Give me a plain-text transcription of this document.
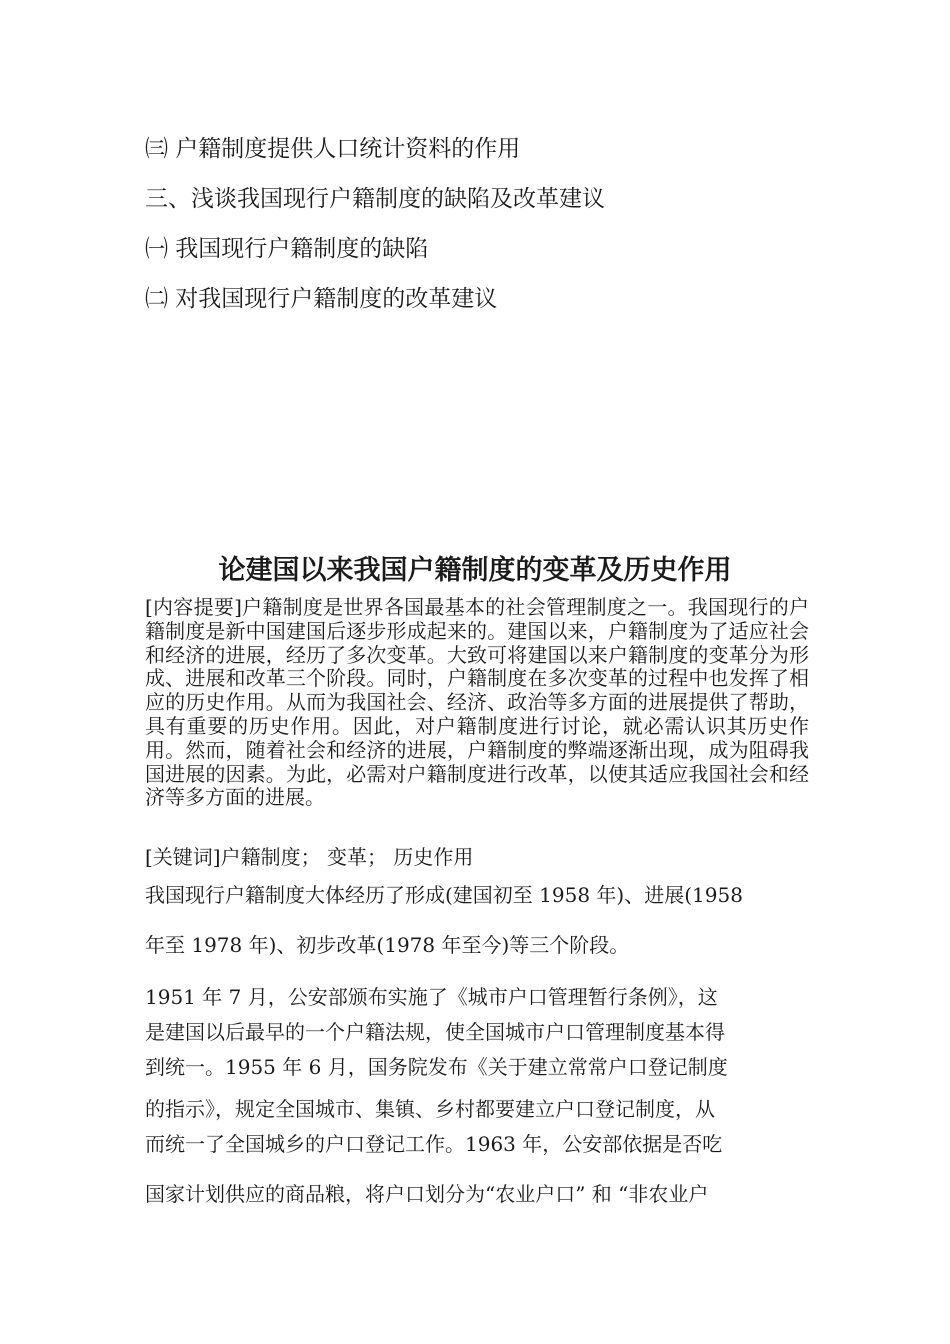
㈢ 户籍制度提供人口统计资料的作用
三、浅谈我国现行户籍制度的缺陷及改革建议
㈠ 我国现行户籍制度的缺陷
㈡ 对我国现行户籍制度的改革建议
论建国以来我国户籍制度的变革及历史作用

[内容提要]户籍制度是世界各国最基本的社会管理制度之一。我国现行的户籍制度是新中国建国后逐步形成起来的。建国以来，户籍制度为了适应社会和经济的进展，经历了多次变革。大致可将建国以来户籍制度的变革分为形成、进展和改革三个阶段。同时，户籍制度在多次变革的过程中也发挥了相应的历史作用。从而为我国社会、经济、政治等多方面的进展提供了帮助，具有重要的历史作用。因此，对户籍制度进行讨论，就必需认识其历史作用。然而，随着社会和经济的进展，户籍制度的弊端逐渐出现，成为阻碍我国进展的因素。为此，必需对户籍制度进行改革，以使其适应我国社会和经济等多方面的进展。

[关键词]户籍制度； 变革； 历史作用
我国现行户籍制度大体经历了形成(建国初至 1958 年)、进展(1958
年至 1978 年)、初步改革(1978 年至今)等三个阶段。
1951 年 7 月，公安部颁布实施了《城市户口管理暂行条例》，这
是建国以后最早的一个户籍法规，使全国城市户口管理制度基本得
到统一。1955 年 6 月，国务院发布《关于建立常常户口登记制度
的指示》，规定全国城市、集镇、乡村都要建立户口登记制度，从
而统一了全国城乡的户口登记工作。1963 年，公安部依据是否吃
国家计划供应的商品粮，将户口划分为“农业户口” 和 “非农业户
